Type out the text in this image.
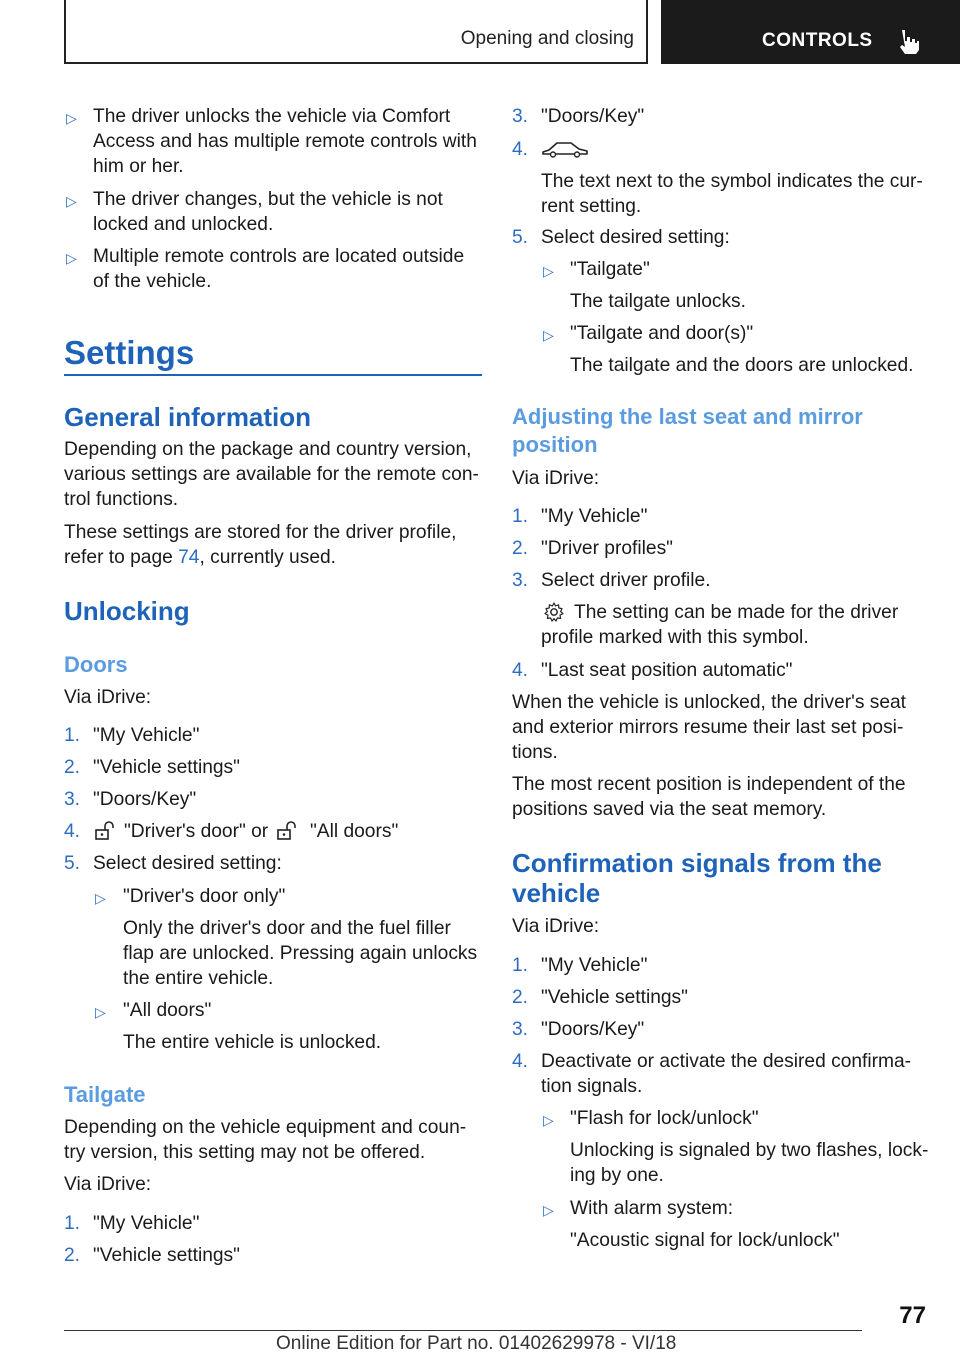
Opening and closing	CONTROLS
▷ The driver unlocks the vehicle via Comfort Access and has multiple remote controls with him or her.
▷ The driver changes, but the vehicle is not locked and unlocked.
▷ Multiple remote controls are located outside of the vehicle.
Settings
General information
Depending on the package and country version, various settings are available for the remote con-trol functions.
These settings are stored for the driver profile, refer to page 74, currently used.
Unlocking
Doors
Via iDrive:
1. "My Vehicle"
2. "Vehicle settings"
3. "Doors/Key"
4. "Driver's door" or "All doors"
5. Select desired setting:
▷ "Driver's door only"
Only the driver's door and the fuel filler flap are unlocked. Pressing again unlocks the entire vehicle.
▷ "All doors"
The entire vehicle is unlocked.
Tailgate
Depending on the vehicle equipment and coun-try version, this setting may not be offered.
Via iDrive:
1. "My Vehicle"
2. "Vehicle settings"
3. "Doors/Key"
4.
The text next to the symbol indicates the cur-rent setting.
5. Select desired setting:
▷ "Tailgate"
The tailgate unlocks.
▷ "Tailgate and door(s)"
The tailgate and the doors are unlocked.
Adjusting the last seat and mirror position
Via iDrive:
1. "My Vehicle"
2. "Driver profiles"
3. Select driver profile.
The setting can be made for the driver profile marked with this symbol.
4. "Last seat position automatic"
When the vehicle is unlocked, the driver's seat and exterior mirrors resume their last set posi-tions.
The most recent position is independent of the positions saved via the seat memory.
Confirmation signals from the vehicle
Via iDrive:
1. "My Vehicle"
2. "Vehicle settings"
3. "Doors/Key"
4. Deactivate or activate the desired confirma-tion signals.
▷ "Flash for lock/unlock"
Unlocking is signaled by two flashes, lock-ing by one.
▷ With alarm system:
"Acoustic signal for lock/unlock"
77
Online Edition for Part no. 01402629978 - VI/18
